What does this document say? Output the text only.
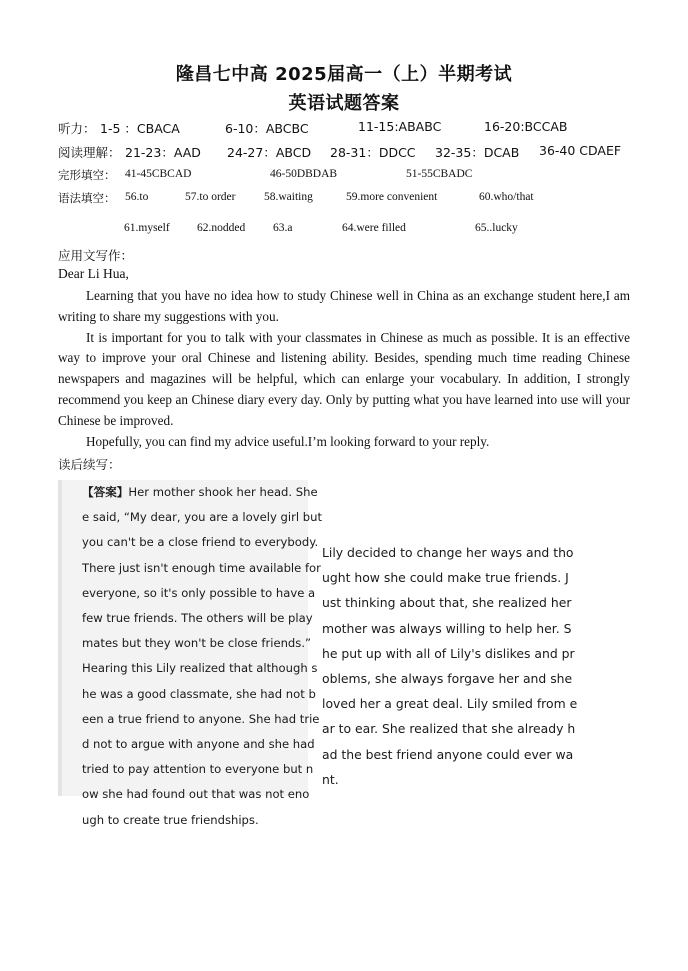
隆昌七中高 2025届高一（上）半期考试
英语试题答案
听力： 1-5 ：CBACA	6-10：ABCBC	11-15:ABABC	16-20:BCCAB
阅读理解： 21-23：AAD 24-27：ABCD 28-31：DDCC 32-35：DCAB 36-40 CDAEF
完形填空： 41-45CBCAD	46-50DBDAB	51-55CBADC
语法填空： 56.to	57.to order 58.waiting	59.more convenient	60.who/that
61.myself 62.nodded 63.a	64.were filled	65..lucky
应用文写作：
Dear Li Hua,

Learning that you have no idea how to study Chinese well in China as an exchange student here,I am writing to share my suggestions with you.

It is important for you to talk with your classmates in Chinese as much as possible. It is an effective way to improve your oral Chinese and listening ability. Besides, spending much time reading Chinese newspapers and magazines will be helpful, which can enlarge your vocabulary. In addition, I strongly recommend you keep an Chinese diary every day. Only by putting what you have learned into use will your Chinese be improved.

Hopefully, you can find my advice useful.I’m looking forward to your reply.

读后续写：
【答案】Her mother shook her head. She
e said, “My dear, you are a lovely girl but
you can't be a close friend to everybody.
There just isn't enough time available for
everyone, so it's only possible to have a
few true friends. The others will be play
mates but they won't be close friends.”
Hearing this Lily realized that although s
he was a good classmate, she had not b
een a true friend to anyone. She had trie
d not to argue with anyone and she had
tried to pay attention to everyone but n
ow she had found out that was not eno
ugh to create true friendships.
Lily decided to change her ways and tho
ught how she could make true friends. J
ust thinking about that, she realized her
mother was always willing to help her. S
he put up with all of Lily's dislikes and pr
oblems, she always forgave her and she
loved her a great deal. Lily smiled from e
ar to ear. She realized that she already h
ad the best friend anyone could ever wa
nt.
